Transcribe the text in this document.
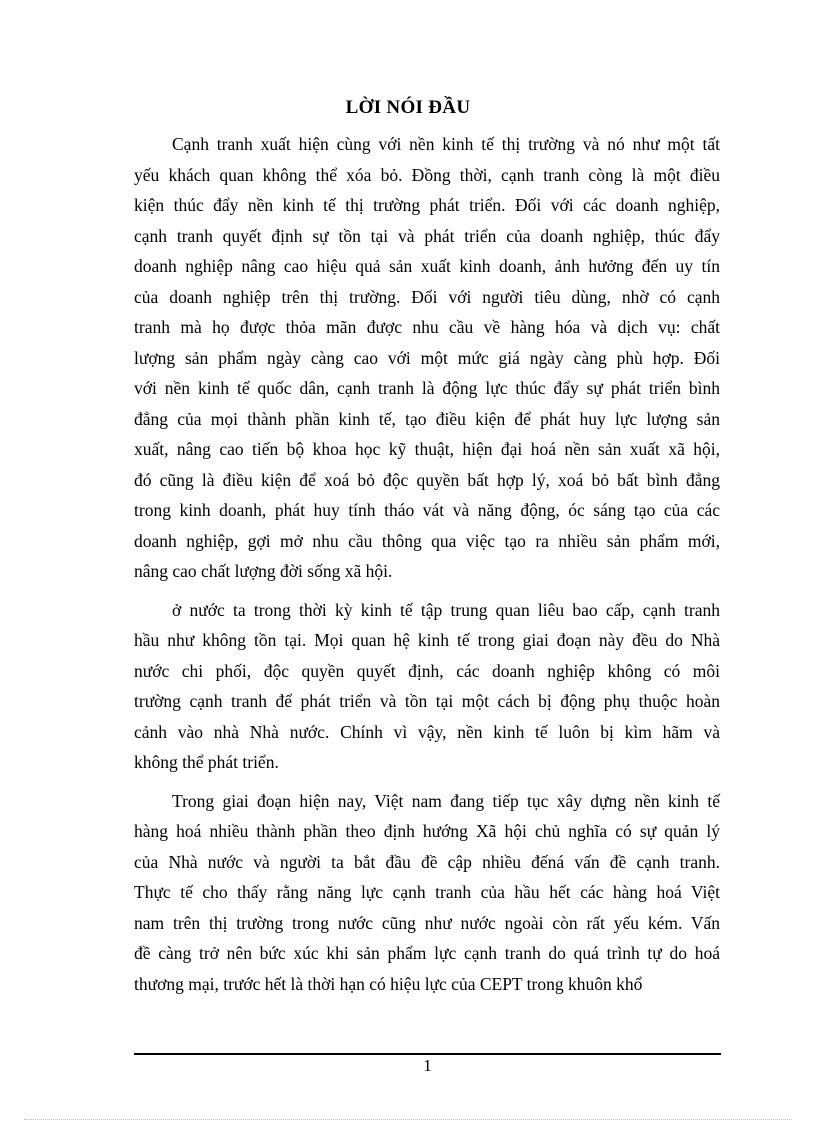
LỜI NÓI ĐẦU
Cạnh tranh xuất hiện cùng với nền kinh tế thị trường và nó như một tất
yếu khách quan không thể xóa bỏ. Đồng thời, cạnh tranh còng là một điều
kiện thúc đẩy nền kinh tế thị trường phát triển. Đối với các doanh nghiệp,
cạnh tranh quyết định sự tồn tại và phát triển của doanh nghiệp, thúc đẩy
doanh nghiệp nâng cao hiệu quả sản xuất kinh doanh, ảnh hưởng đến uy tín
của doanh nghiệp trên thị trường. Đối với người tiêu dùng, nhờ có cạnh
tranh mà họ được thỏa mãn được nhu cầu về hàng hóa và dịch vụ: chất
lượng sản phẩm ngày càng cao với một mức giá ngày càng phù hợp. Đối
với nền kinh tế quốc dân, cạnh tranh là động lực thúc đẩy sự phát triển bình
đẳng của mọi thành phần kinh tế, tạo điều kiện để phát huy lực lượng sản
xuất, nâng cao tiến bộ khoa học kỹ thuật, hiện đại hoá nền sản xuất xã hội,
đó cũng là điều kiện để xoá bỏ độc quyền bất hợp lý, xoá bỏ bất bình đẳng
trong kinh doanh, phát huy tính tháo vát và năng động, óc sáng tạo của các
doanh nghiệp, gợi mở nhu cầu thông qua việc tạo ra nhiều sản phẩm mới,
nâng cao chất lượng đời sống xã hội.
ở nước ta trong thời kỳ kinh tế tập trung quan liêu bao cấp, cạnh tranh
hầu như không tồn tại. Mọi quan hệ kinh tế trong giai đoạn này đều do Nhà
nước chi phối, độc quyền quyết định, các doanh nghiệp không có môi
trường cạnh tranh để phát triển và tồn tại một cách bị động phụ thuộc hoàn
cảnh vào nhà Nhà nước. Chính vì vậy, nền kinh tế luôn bị kìm hãm và
không thể phát triển.
Trong giai đoạn hiện nay, Việt nam đang tiếp tục xây dựng nền kinh tế
hàng hoá nhiều thành phần theo định hướng Xã hội chủ nghĩa có sự quản lý
của Nhà nước và người ta bắt đầu đề cập nhiều đếná vấn đề cạnh tranh.
Thực tế cho thấy rằng năng lực cạnh tranh của hầu hết các hàng hoá Việt
nam trên thị trường trong nước cũng như nước ngoài còn rất yếu kém. Vấn
đề càng trở nên bức xúc khi sản phẩm lực cạnh tranh do quá trình tự do hoá
thương mại, trước hết là thời hạn có hiệu lực của CEPT trong khuôn khổ
1
